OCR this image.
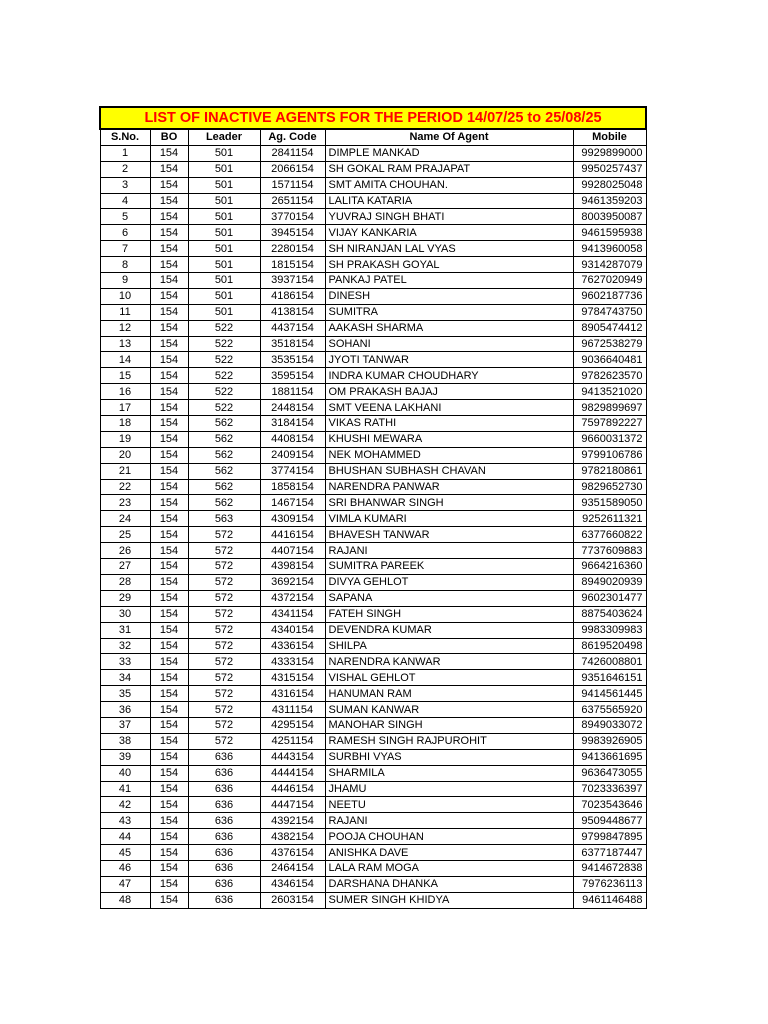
LIST OF INACTIVE AGENTS FOR THE PERIOD 14/07/25 to 25/08/25					
S.No.	BO	Leader	Ag. Code	Name Of Agent	Mobile
1	154	501	2841154	DIMPLE MANKAD	9929899000
2	154	501	2066154	SH GOKAL RAM PRAJAPAT	9950257437
3	154	501	1571154	SMT AMITA CHOUHAN.	9928025048
4	154	501	2651154	LALITA KATARIA	9461359203
5	154	501	3770154	YUVRAJ SINGH BHATI	8003950087
6	154	501	3945154	VIJAY KANKARIA	9461595938
7	154	501	2280154	SH NIRANJAN LAL VYAS	9413960058
8	154	501	1815154	SH PRAKASH GOYAL	9314287079
9	154	501	3937154	PANKAJ PATEL	7627020949
10	154	501	4186154	DINESH	9602187736
11	154	501	4138154	SUMITRA	9784743750
12	154	522	4437154	AAKASH SHARMA	8905474412
13	154	522	3518154	SOHANI	9672538279
14	154	522	3535154	JYOTI TANWAR	9036640481
15	154	522	3595154	INDRA KUMAR CHOUDHARY	9782623570
16	154	522	1881154	OM PRAKASH BAJAJ	9413521020
17	154	522	2448154	SMT VEENA LAKHANI	9829899697
18	154	562	3184154	VIKAS RATHI	7597892227
19	154	562	4408154	KHUSHI MEWARA	9660031372
20	154	562	2409154	NEK MOHAMMED	9799106786
21	154	562	3774154	BHUSHAN SUBHASH CHAVAN	9782180861
22	154	562	1858154	NARENDRA PANWAR	9829652730
23	154	562	1467154	SRI BHANWAR SINGH	9351589050
24	154	563	4309154	VIMLA KUMARI	9252611321
25	154	572	4416154	BHAVESH TANWAR	6377660822
26	154	572	4407154	RAJANI	7737609883
27	154	572	4398154	SUMITRA PAREEK	9664216360
28	154	572	3692154	DIVYA GEHLOT	8949020939
29	154	572	4372154	SAPANA	9602301477
30	154	572	4341154	FATEH SINGH	8875403624
31	154	572	4340154	DEVENDRA KUMAR	9983309983
32	154	572	4336154	SHILPA	8619520498
33	154	572	4333154	NARENDRA KANWAR	7426008801
34	154	572	4315154	VISHAL GEHLOT	9351646151
35	154	572	4316154	HANUMAN RAM	9414561445
36	154	572	4311154	SUMAN KANWAR	6375565920
37	154	572	4295154	MANOHAR SINGH	8949033072
38	154	572	4251154	RAMESH SINGH RAJPUROHIT	9983926905
39	154	636	4443154	SURBHI VYAS	9413661695
40	154	636	4444154	SHARMILA	9636473055
41	154	636	4446154	JHAMU	7023336397
42	154	636	4447154	NEETU	7023543646
43	154	636	4392154	RAJANI	9509448677
44	154	636	4382154	POOJA CHOUHAN	9799847895
45	154	636	4376154	ANISHKA DAVE	6377187447
46	154	636	2464154	LALA RAM MOGA	9414672838
47	154	636	4346154	DARSHANA DHANKA	7976236113
48	154	636	2603154	SUMER SINGH KHIDYA	9461146488
